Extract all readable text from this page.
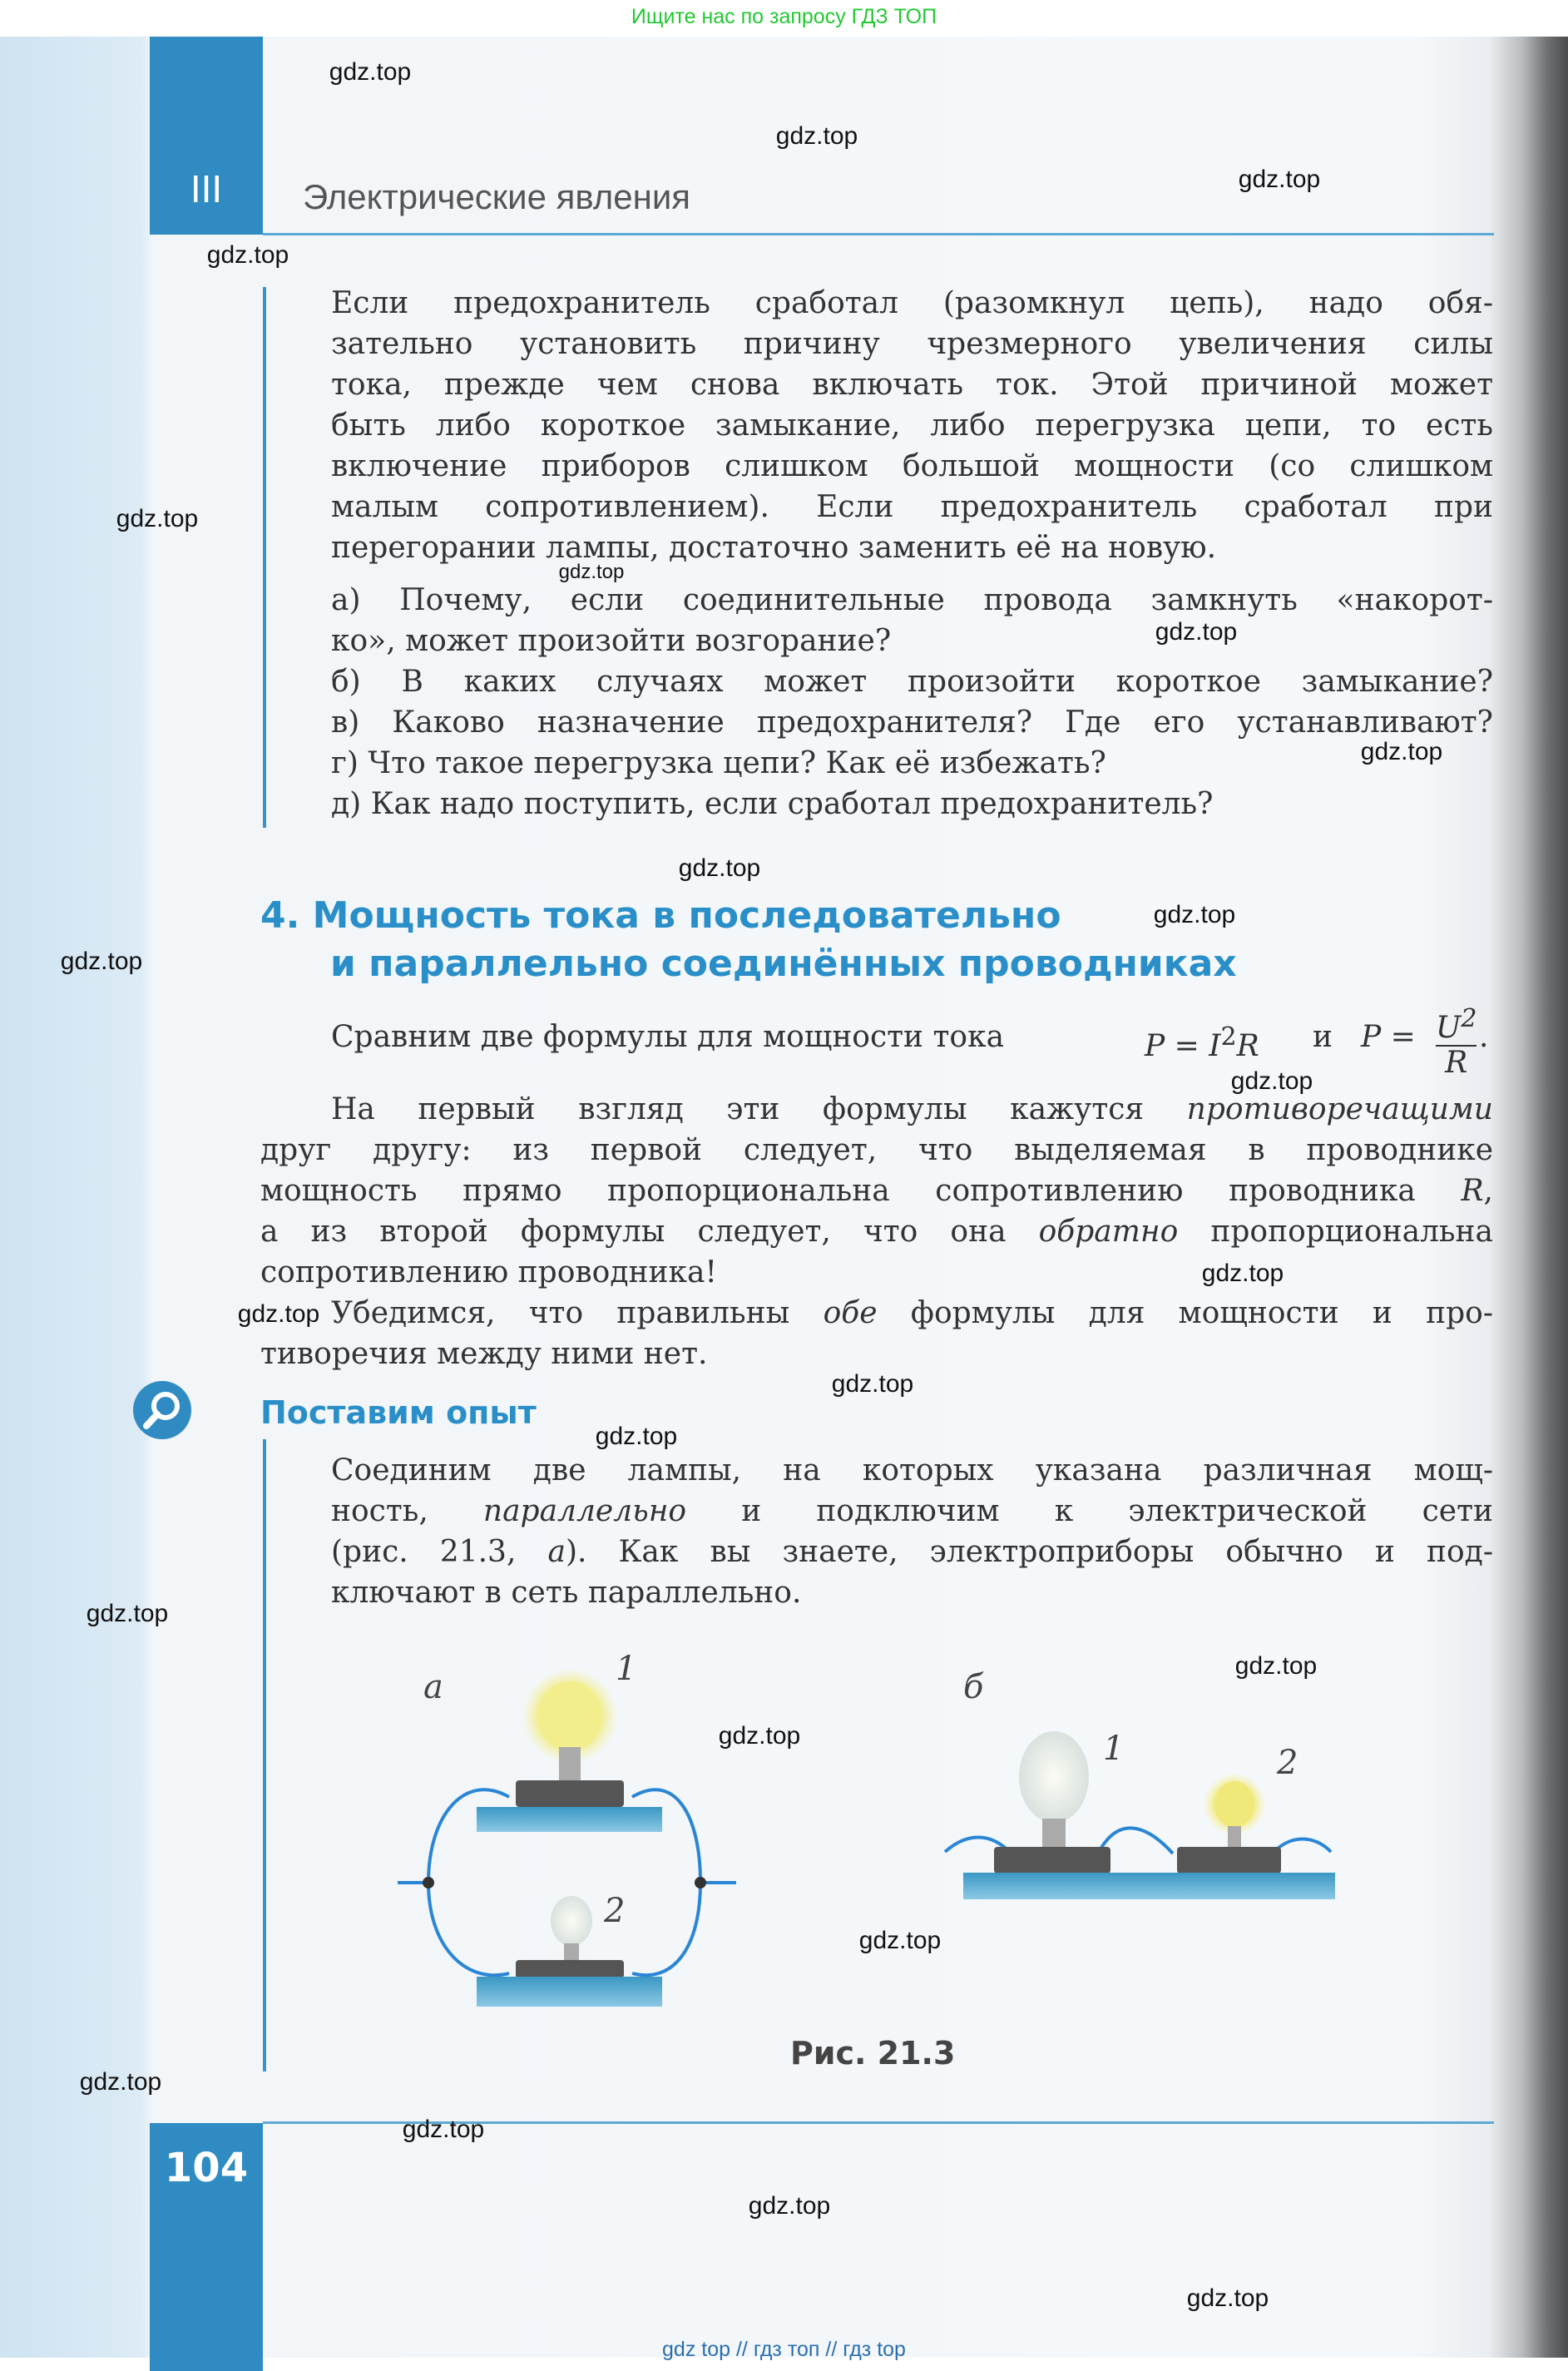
Ищите нас по запросу ГДЗ ТОП
III	Электрические явления
Если предохранитель сработал (разомкнул цепь), надо обя-
зательно установить причину чрезмерного увеличения силы
тока, прежде чем снова включать ток. Этой причиной может
быть либо короткое замыкание, либо перегрузка цепи, то есть
включение приборов слишком большой мощности (со слишком
малым сопротивлением). Если предохранитель сработал при
перегорании лампы, достаточно заменить её на новую.
а) Почему, если соединительные провода замкнуть «накорот-
ко», может произойти возгорание?
б) В каких случаях может произойти короткое замыкание?
в) Каково назначение предохранителя? Где его устанавливают?
г) Что такое перегрузка цепи? Как её избежать?
д) Как надо поступить, если сработал предохранитель?
4. Мощность тока в последовательно
и параллельно соединённых проводниках
Сравним две формулы для мощности тока	$P = I^2R$ и $P = \frac{U^2}{R}$ .
На первый взгляд эти формулы кажутся противоречащими
друг другу: из первой следует, что выделяемая в проводнике
мощность прямо пропорциональна сопротивлению проводника R,
а из второй формулы следует, что она обратно пропорциональна
сопротивлению проводника!
Убедимся, что правильны обе формулы для мощности и про-
тиворечия между ними нет.
Поставим опыт
Соединим две лампы, на которых указана различная мощ-
ность, параллельно и подключим к электрической сети
(рис. 21.3, а). Как вы знаете, электроприборы обычно и под-
ключают в сеть параллельно.
а	1
2
б
1	2
Рис. 21.3
104
gdz top // гдз топ // гдз top
gdz.top
gdz.top
gdz.top
gdz.top
gdz.top
gdz.top
gdz.top
gdz.top
gdz.top
gdz.top
gdz.top
gdz.top
gdz.top
gdz.top
gdz.top
gdz.top
gdz.top
gdz.top
gdz.top
gdz.top
gdz.top
gdz.top
gdz.top
gdz.top
